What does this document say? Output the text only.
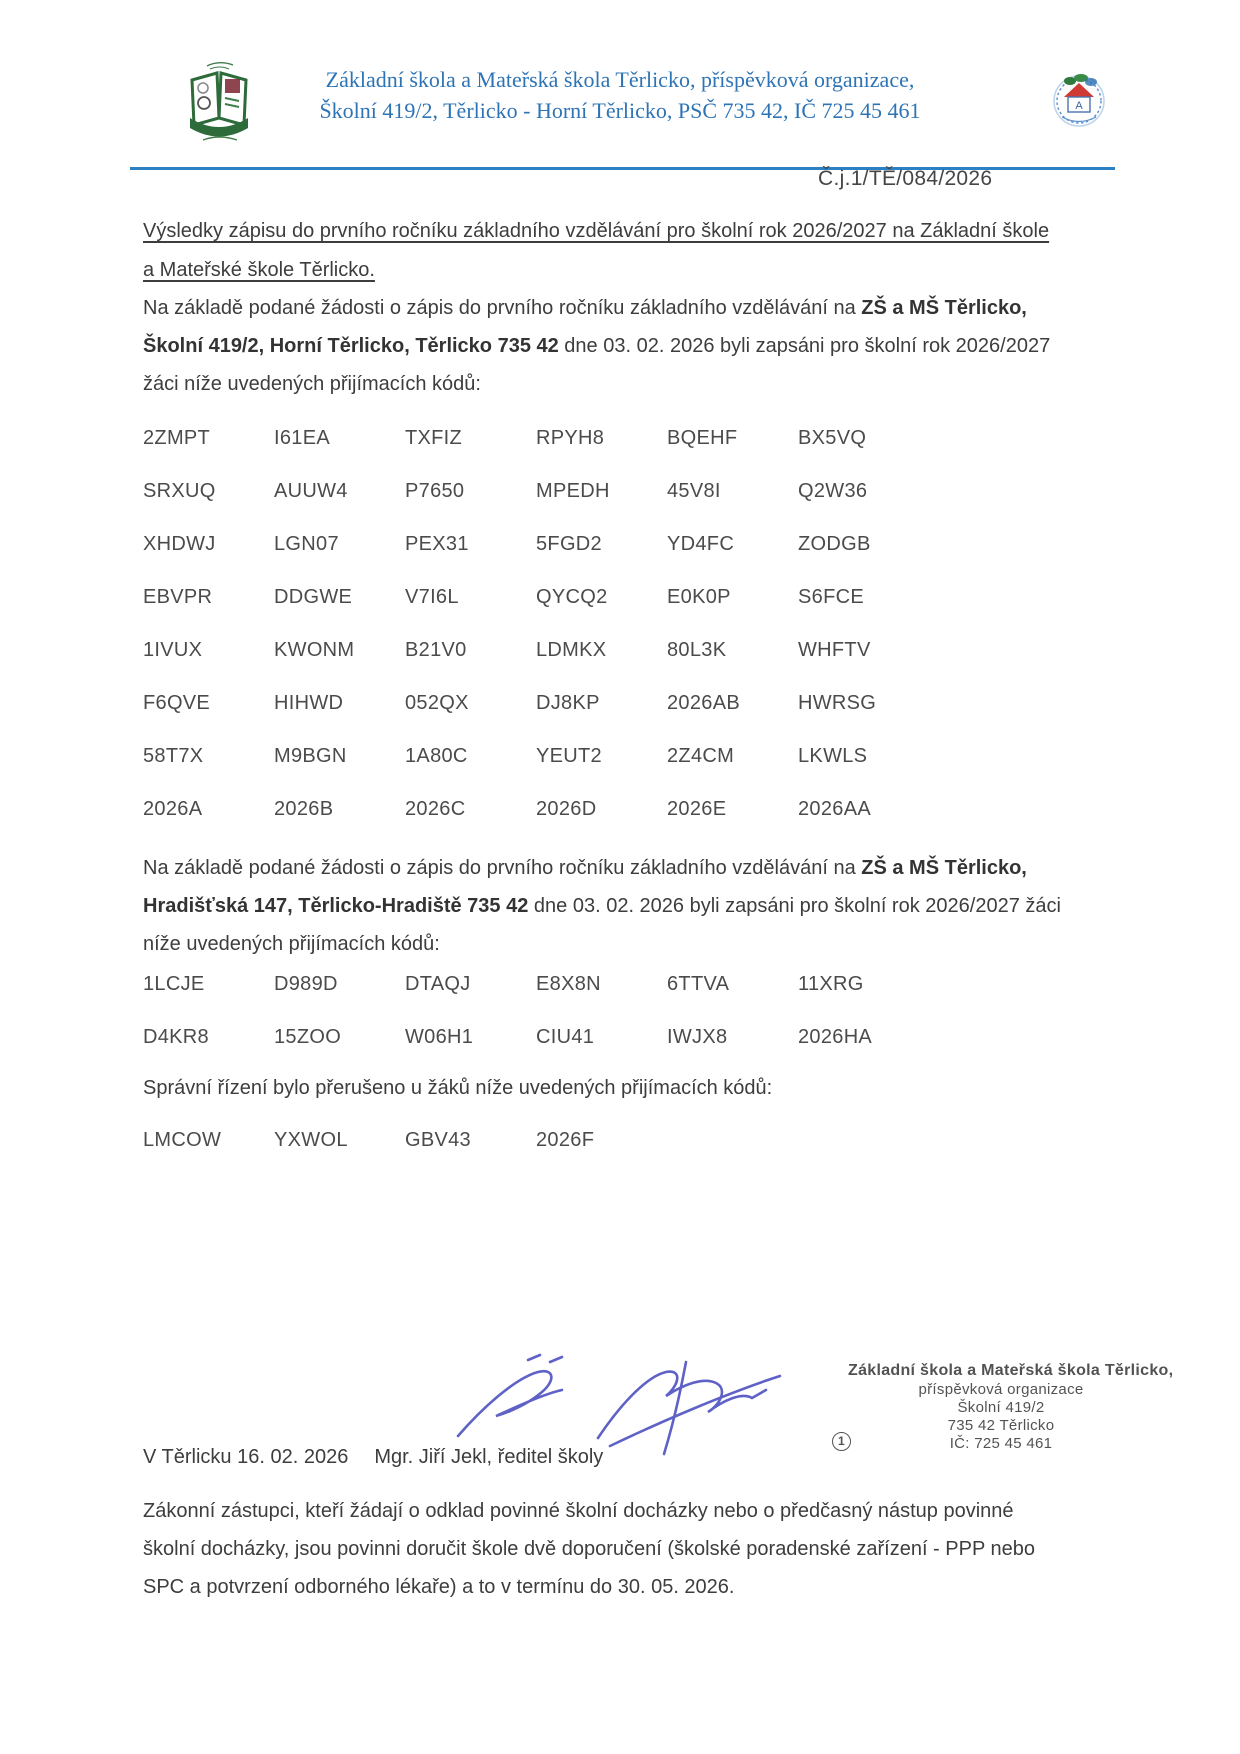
Základní škola a Mateřská škola Těrlicko, příspěvková organizace,
Školní 419/2, Těrlicko - Horní Těrlicko, PSČ 735 42, IČ 725 45 461	A
Č.j.1/TĚ/084/2026
Výsledky zápisu do prvního ročníku základního vzdělávání pro školní rok 2026/2027 na Základní škole
a Mateřské škole Těrlicko.
Na základě podané žádosti o zápis do prvního ročníku základního vzdělávání na ZŠ a MŠ Těrlicko,
Školní 419/2, Horní Těrlicko, Těrlicko 735 42 dne 03. 02. 2026 byli zapsáni pro školní rok 2026/2027
žáci níže uvedených přijímacích kódů:
2ZMPT	I61EA	TXFIZ	RPYH8	BQEHF	BX5VQ
SRXUQ	AUUW4	P7650	MPEDH	45V8I	Q2W36
XHDWJ	LGN07	PEX31	5FGD2	YD4FC	ZODGB
EBVPR	DDGWE	V7I6L	QYCQ2	E0K0P	S6FCE
1IVUX	KWONM	B21V0	LDMKX	80L3K	WHFTV
F6QVE	HIHWD	052QX	DJ8KP	2026AB	HWRSG
58T7X	M9BGN	1A80C	YEUT2	2Z4CM	LKWLS
2026A	2026B	2026C	2026D	2026E	2026AA
Na základě podané žádosti o zápis do prvního ročníku základního vzdělávání na ZŠ a MŠ Těrlicko,
Hradišťská 147, Těrlicko-Hradiště 735 42 dne 03. 02. 2026 byli zapsáni pro školní rok 2026/2027 žáci
níže uvedených přijímacích kódů:
1LCJE	D989D	DTAQJ	E8X8N	6TTVA	11XRG
D4KR8	15ZOO	W06H1	CIU41	IWJX8	2026HA
Správní řízení bylo přerušeno u žáků níže uvedených přijímacích kódů:
LMCOW	YXWOL	GBV43	2026F
Základní škola a Mateřská škola Těrlicko,
příspěvková organizace
Školní 419/2
735 42 Těrlicko
IČ: 725 45 461
1
V Těrlicku 16. 02. 2026 Mgr. Jiří Jekl, ředitel školy
Zákonní zástupci, kteří žádají o odklad povinné školní docházky nebo o předčasný nástup povinné
školní docházky, jsou povinni doručit škole dvě doporučení (školské poradenské zařízení - PPP nebo
SPC a potvrzení odborného lékaře) a to v termínu do 30. 05. 2026.
